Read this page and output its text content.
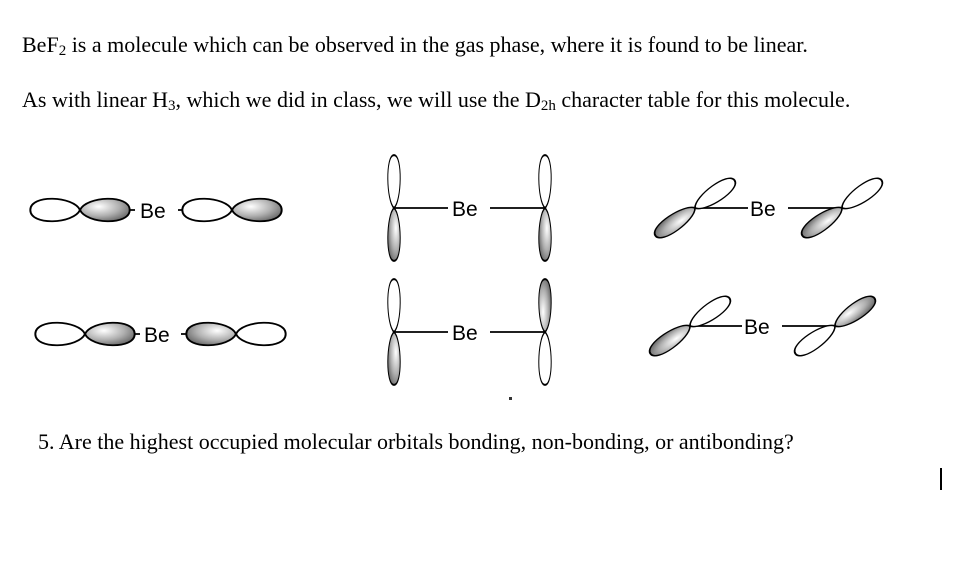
BeF$_2$ is a molecule which can be observed in the gas phase, where it is found to be linear.

As with linear $H_3$, which we did in class, we will use the $D_{2h}$ character table for this molecule.

Be
Be
Be
Be
Be
Be

5. Are the highest occupied molecular orbitals bonding, non-bonding, or antibonding?
